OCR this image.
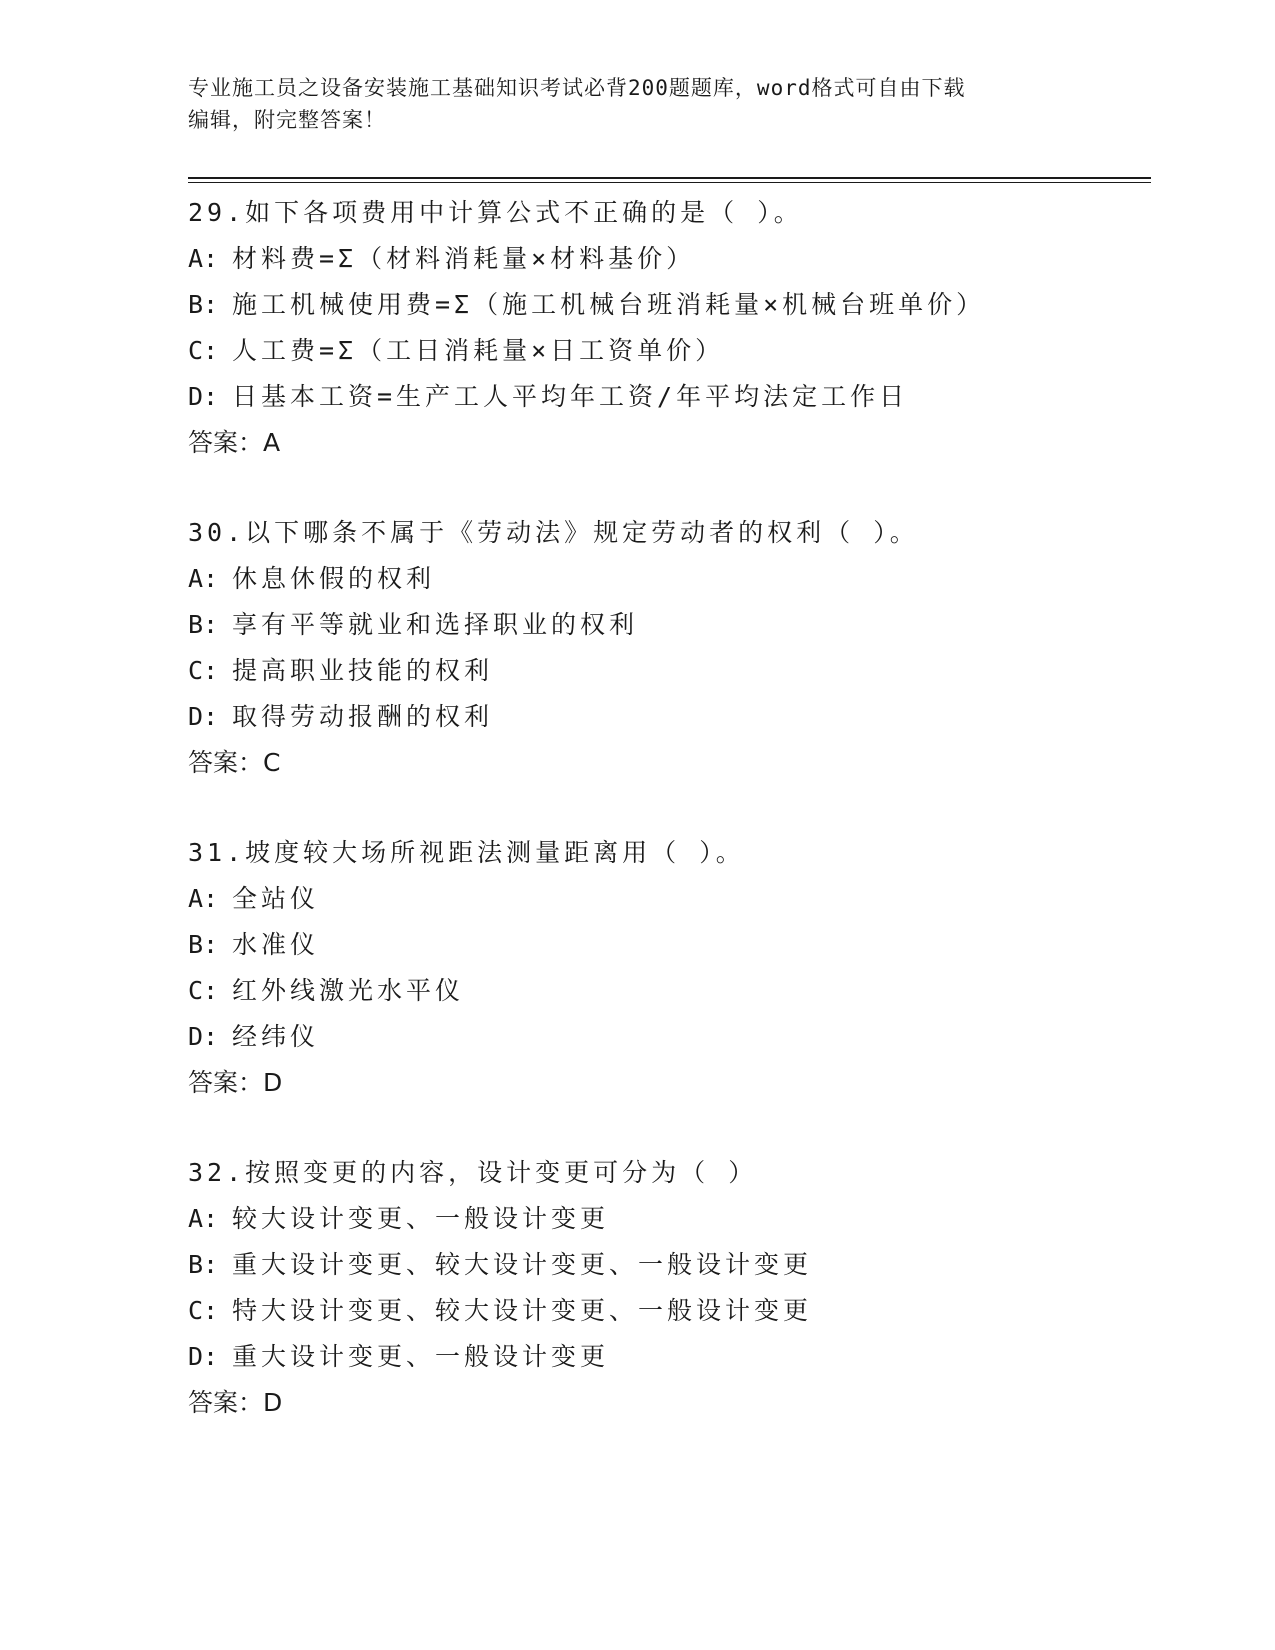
专业施工员之设备安装施工基础知识考试必背200题题库，word格式可自由下载
编辑，附完整答案！
29.如下各项费用中计算公式不正确的是（ ）。
A: 材料费=Σ（材料消耗量×材料基价）
B: 施工机械使用费=Σ（施工机械台班消耗量×机械台班单价）
C: 人工费=Σ（工日消耗量×日工资单价）
D: 日基本工资=生产工人平均年工资/年平均法定工作日
答案：A
30.以下哪条不属于《劳动法》规定劳动者的权利（ ）。
A: 休息休假的权利
B: 享有平等就业和选择职业的权利
C: 提高职业技能的权利
D: 取得劳动报酬的权利
答案：C
31.坡度较大场所视距法测量距离用（ ）。
A: 全站仪
B: 水准仪
C: 红外线激光水平仪
D: 经纬仪
答案：D
32.按照变更的内容，设计变更可分为（ ）
A: 较大设计变更、一般设计变更
B: 重大设计变更、较大设计变更、一般设计变更
C: 特大设计变更、较大设计变更、一般设计变更
D: 重大设计变更、一般设计变更
答案：D
